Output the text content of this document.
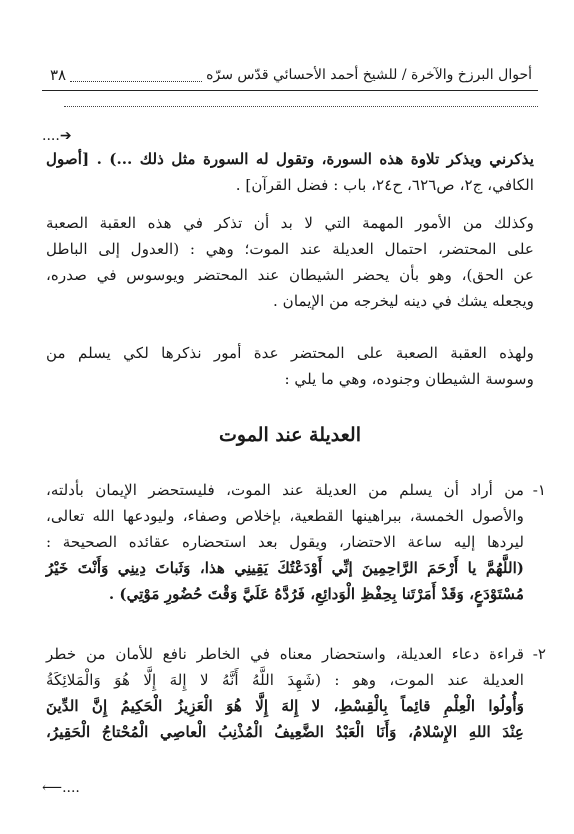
أحوال البرزخ والآخرة / للشيخ أحمد الأحسائي قدّس سرّه
٣٨
....➔
يذكرني ويذكر تلاوة هذه السورة، وتقول له السورة مثل ذلك ...) . [أصول
الكافي، ج٢، ص٦٢٦، ح٢٤، باب : فضل القرآن] .
وكذلك من الأمور المهمة التي لا بد أن تذكر في هذه العقبة الصعبة
على المحتضر، احتمال العديلة عند الموت؛ وهي : (العدول إلى الباطل
عن الحق)، وهو بأن يحضر الشيطان عند المحتضر ويوسوس في صدره،
ويجعله يشك في دينه ليخرجه من الإيمان .
ولهذه العقبة الصعبة على المحتضر عدة أمور نذكرها لكي يسلم من
وسوسة الشيطان وجنوده، وهي ما يلي :
العديلة عند الموت
١-
من أراد أن يسلم من العديلة عند الموت، فليستحضر الإيمان بأدلته،
والأصول الخمسة، ببراهينها القطعية، بإخلاص وصفاء، وليودعها الله تعالى،
ليردها إليه ساعة الاحتضار، ويقول بعد استحضاره عقائده الصحيحة :
(اللَّهُمَّ يا أَرْحَمَ الرَّاحِمِينَ إنِّي أَوْدَعْتُكَ يَقِينِي هذا، وَثَباتَ دِينِي وَأَنْتَ خَيْرُ
مُسْتَوْدَعٍ، وَقَدْ أَمَرْتَنا بِحِفْظِ الْوَدائِعِ، فَرُدَّهُ عَلَيَّ وَقْتَ حُضُورِ مَوْتِي) .
٢-
قراءة دعاء العديلة، واستحضار معناه في الخاطر نافع للأمان من خطر
العديلة عند الموت، وهو : (شَهِدَ اللَّهُ أَنَّهُ لا إِلهَ إِلَّا هُوَ وَالْمَلائِكَةُ
وَأُولُوا الْعِلْمِ قائِماً بِالْقِسْطِ، لا إِلهَ إِلَّا هُوَ الْعَزِيزُ الْحَكِيمُ إِنَّ الدِّينَ
عِنْدَ اللهِ الإِسْلامُ، وَأَنَا الْعَبْدُ الضَّعِيفُ الْمُذْنِبُ الْعاصِي الْمُحْتاجُ الْحَقِيرُ،
⟵....
